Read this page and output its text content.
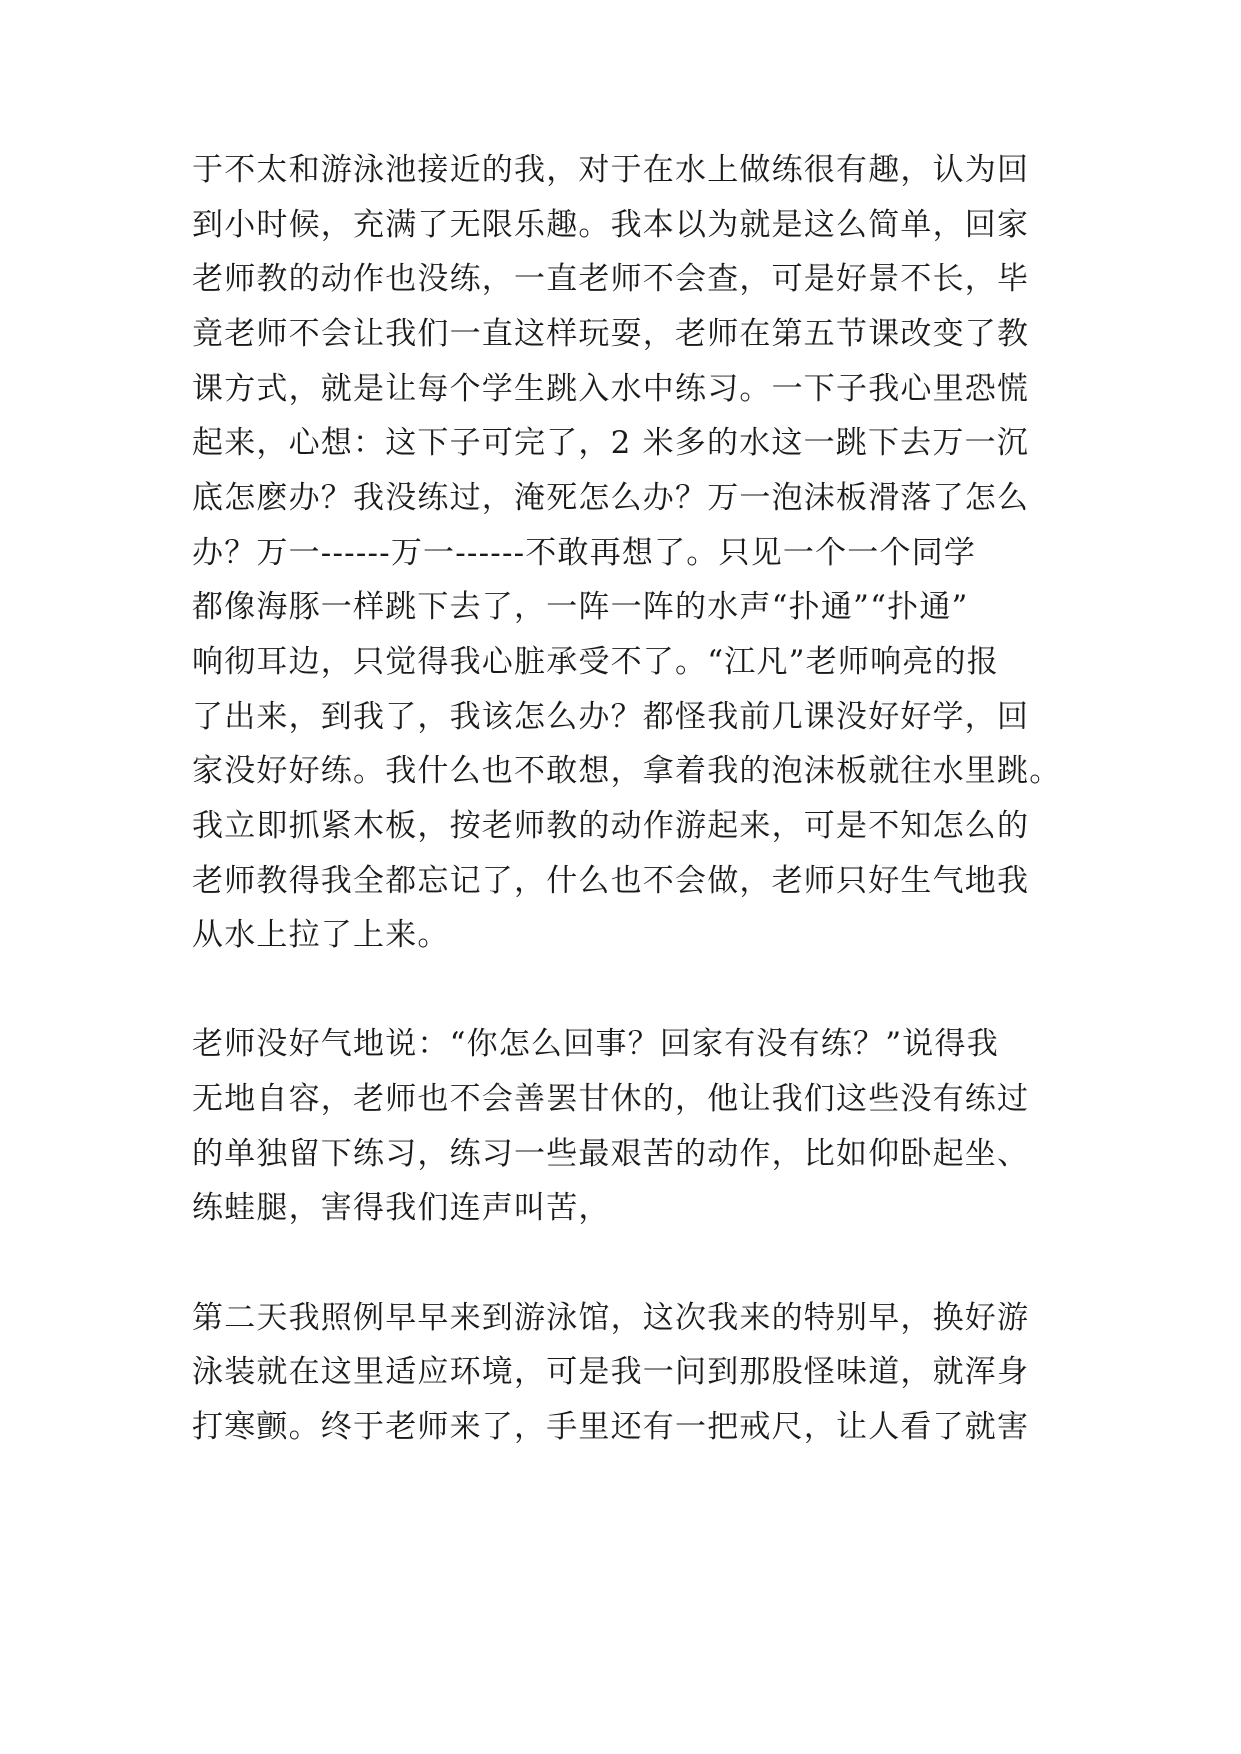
于不太和游泳池接近的我，对于在水上做练很有趣，认为回
到小时候，充满了无限乐趣。我本以为就是这么简单，回家
老师教的动作也没练，一直老师不会查，可是好景不长，毕
竟老师不会让我们一直这样玩耍，老师在第五节课改变了教
课方式，就是让每个学生跳入水中练习。一下子我心里恐慌
起来，心想：这下子可完了，2 米多的水这一跳下去万一沉
底怎麽办？我没练过，淹死怎么办？万一泡沫板滑落了怎么
办？万一------万一------不敢再想了。只见一个一个同学
都像海豚一样跳下去了，一阵一阵的水声“扑通”“扑通”
响彻耳边，只觉得我心脏承受不了。“江凡”老师响亮的报
了出来，到我了，我该怎么办？都怪我前几课没好好学，回
家没好好练。我什么也不敢想，拿着我的泡沫板就往水里跳。
我立即抓紧木板，按老师教的动作游起来，可是不知怎么的
老师教得我全都忘记了，什么也不会做，老师只好生气地我
从水上拉了上来。
老师没好气地说：“你怎么回事？回家有没有练？”说得我
无地自容，老师也不会善罢甘休的，他让我们这些没有练过
的单独留下练习，练习一些最艰苦的动作，比如仰卧起坐、
练蛙腿，害得我们连声叫苦，
第二天我照例早早来到游泳馆，这次我来的特别早，换好游
泳装就在这里适应环境，可是我一问到那股怪味道，就浑身
打寒颤。终于老师来了，手里还有一把戒尺，让人看了就害
